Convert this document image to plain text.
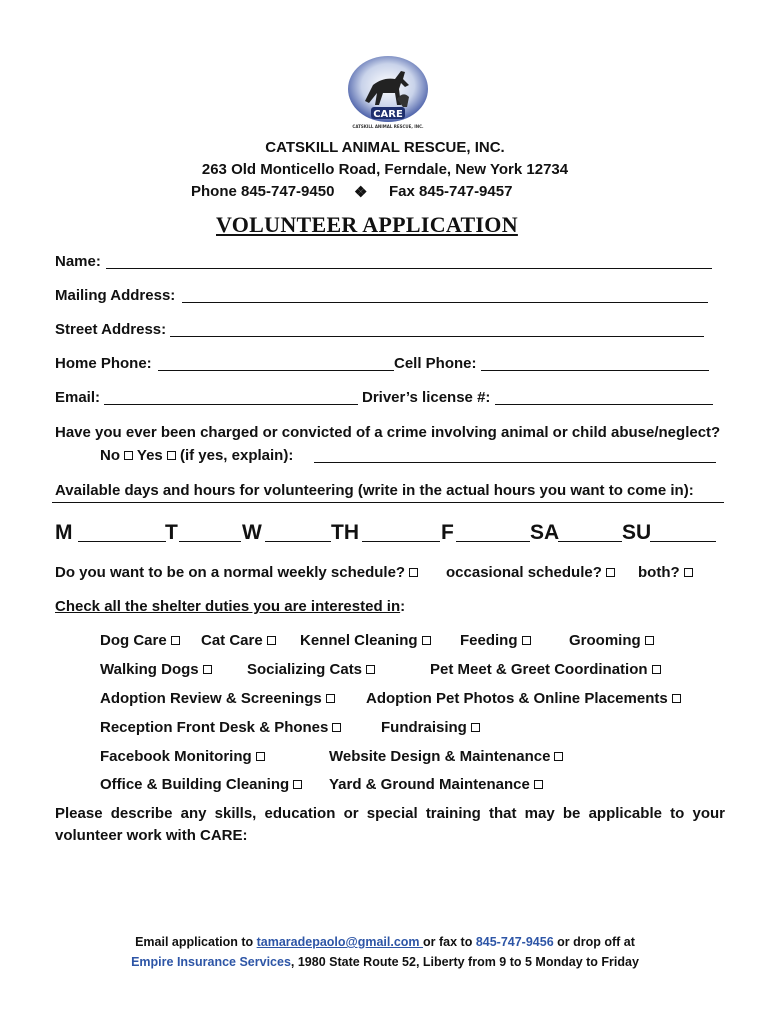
CARE
CATSKILL ANIMAL RESCUE, INC.
CATSKILL ANIMAL RESCUE, INC.
263 Old Monticello Road, Ferndale, New York 12734
Phone 845-747-9450 ❖ Fax 845-747-9457
VOLUNTEER APPLICATION
Name:
Mailing Address:
Street Address:
Home Phone:	Cell Phone:
Email:	Driver’s license #:
Have you ever been charged or convicted of a crime involving animal or child abuse/neglect?
No Yes (if yes, explain):
Available days and hours for volunteering (write in the actual hours you want to come in):
M	T	W	TH	F	SA	SU
Do you want to be on a normal weekly schedule?	occasional schedule?	both?
Check all the shelter duties you are interested in:
Dog Care	Cat Care	Kennel Cleaning	Feeding	Grooming
Walking Dogs	Socializing Cats	Pet Meet & Greet Coordination
Adoption Review & Screenings	Adoption Pet Photos & Online Placements
Reception Front Desk & Phones	Fundraising
Facebook Monitoring	Website Design & Maintenance
Office & Building Cleaning	Yard & Ground Maintenance
Please describe any skills, education or special training that may be applicable to your
volunteer work with CARE:
Email application to tamaradepaolo@gmail.com or fax to 845-747-9456 or drop off at
Empire Insurance Services, 1980 State Route 52, Liberty from 9 to 5 Monday to Friday
